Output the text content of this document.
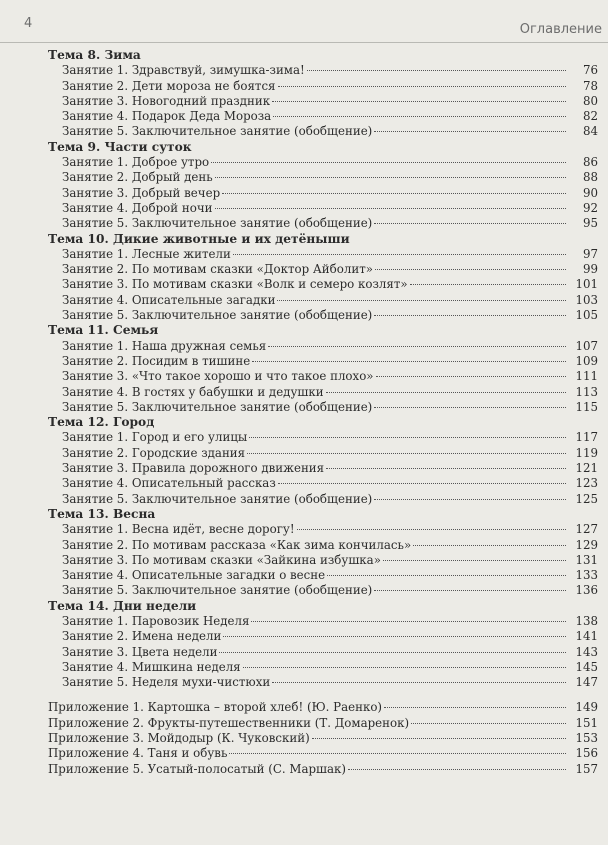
4	Оглавление
Тема 8. Зима
Занятие 1. Здравствуй, зимушка-зима!	76
Занятие 2. Дети мороза не боятся	78
Занятие 3. Новогодний праздник	80
Занятие 4. Подарок Деда Мороза	82
Занятие 5. Заключительное занятие (обобщение)	84
Тема 9. Части суток
Занятие 1. Доброе утро	86
Занятие 2. Добрый день	88
Занятие 3. Добрый вечер	90
Занятие 4. Доброй ночи	92
Занятие 5. Заключительное занятие (обобщение)	95
Тема 10. Дикие животные и их детёныши
Занятие 1. Лесные жители	97
Занятие 2. По мотивам сказки «Доктор Айболит»	99
Занятие 3. По мотивам сказки «Волк и семеро козлят»	101
Занятие 4. Описательные загадки	103
Занятие 5. Заключительное занятие (обобщение)	105
Тема 11. Семья
Занятие 1. Наша дружная семья	107
Занятие 2. Посидим в тишине	109
Занятие 3. «Что такое хорошо и что такое плохо»	111
Занятие 4. В гостях у бабушки и дедушки	113
Занятие 5. Заключительное занятие (обобщение)	115
Тема 12. Город
Занятие 1. Город и его улицы	117
Занятие 2. Городские здания	119
Занятие 3. Правила дорожного движения	121
Занятие 4. Описательный рассказ	123
Занятие 5. Заключительное занятие (обобщение)	125
Тема 13. Весна
Занятие 1. Весна идёт, весне дорогу!	127
Занятие 2. По мотивам рассказа «Как зима кончилась»	129
Занятие 3. По мотивам сказки «Зайкина избушка»	131
Занятие 4. Описательные загадки о весне	133
Занятие 5. Заключительное занятие (обобщение)	136
Тема 14. Дни недели
Занятие 1. Паровозик Неделя	138
Занятие 2. Имена недели	141
Занятие 3. Цвета недели	143
Занятие 4. Мишкина неделя	145
Занятие 5. Неделя мухи-чистюхи	147
Приложение 1. Картошка – второй хлеб! (Ю. Раенко)	149
Приложение 2. Фрукты-путешественники (Т. Домаренок)	151
Приложение 3. Мойдодыр (К. Чуковский)	153
Приложение 4. Таня и обувь	156
Приложение 5. Усатый-полосатый (С. Маршак)	157
